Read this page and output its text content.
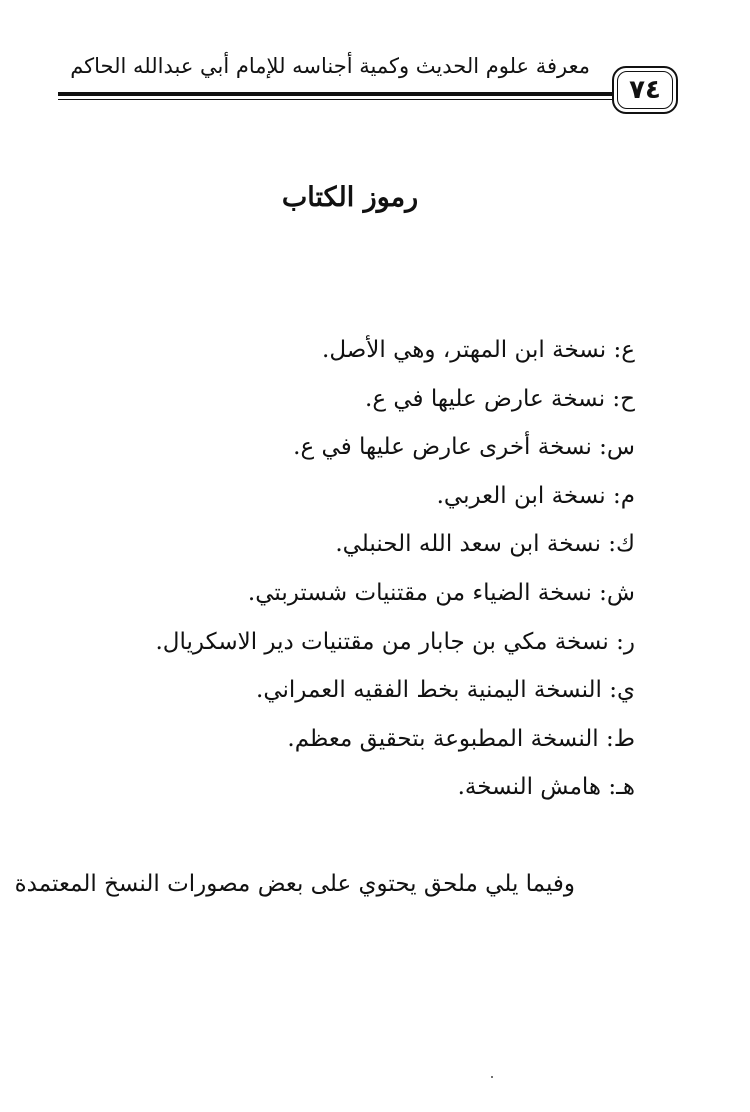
معرفة علوم الحديث وكمية أجناسه للإمام أبي عبدالله الحاكم
٧٤
رموز الكتاب
ع: نسخة ابن المهتر، وهي الأصل.
ح: نسخة عارض عليها في ع.
س: نسخة أخرى عارض عليها في ع.
م: نسخة ابن العربي.
ك: نسخة ابن سعد الله الحنبلي.
ش: نسخة الضياء من مقتنيات شستربتي.
ر: نسخة مكي بن جابار من مقتنيات دير الاسكريال.
ي: النسخة اليمنية بخط الفقيه العمراني.
ط: النسخة المطبوعة بتحقيق معظم.
هـ: هامش النسخة.
وفيما يلي ملحق يحتوي على بعض مصورات النسخ المعتمدة
